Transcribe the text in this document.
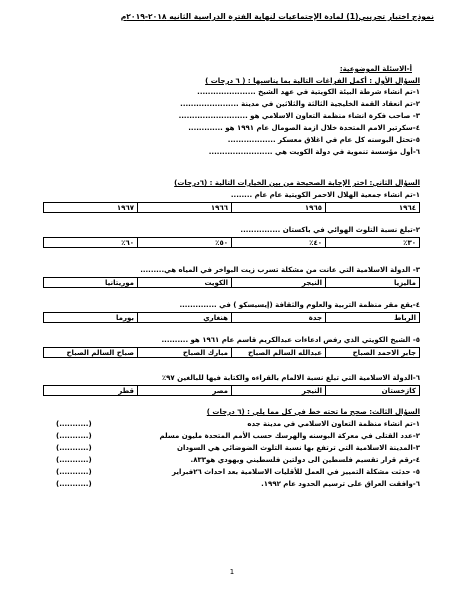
نموذج اختبار تجريبي(1) لمادة الإجتماعيات لنهاية الفترة الدراسية الثانيه ٢٠١٨-٢٠١٩م
أ-الاسئلة الموضوعية:
السؤال الأول : أكمل الفراغات التالية بما يناسبها : ( ٦ درجات )
١-تم انشاء شرطة البيئة الكويتية في عهد الشيخ ......................
٢-تم انعقاد القمة الخليجية الثالثة والثلاثين في مدينة ......................
٣- صاحب فكرة انشاء منظمة التعاون الاسلامي هو ..........................
٤-سكرتير الامم المتحدة خلال ازمة الصومال عام ١٩٩١ هو .............
٥-تحتل البوسنه كل عام في اغلاق معسكر ..................
٦-أول مؤسسة تنموية في دولة الكويت هي ........................
السؤال الثاني: اختر الإجابة الصحيحة من بين الخيارات التالية : (٦درجات)
١-تم انشاء جمعية الهلال الاحمر الكويتية عام عام ........
١٩٦٤	١٩٦٥	١٩٦٦	١٩٦٧
٢-تبلغ نسبة التلوث الهوائي في باكستان ...............
٣٠٪	٤٠٪	٥٠٪	٦٠٪
٣- الدولة الاسلامية التي عانت من مشكلة تسرب زيت البواخر في المياه هي.........
ماليزيا	النيجر	الكويت	موريتانيا
٤-يقع مقر منظمة التربية والعلوم والثقافة (إيسيسكو ) في ..............
الرباط	جدة	هنغاري	بورما
٥- الشيخ الكويتي الذي رفض ادعاءات عبدالكريم قاسم عام ١٩٦١ هو ..........
جابر الاحمد الصباح	عبدالله السالم الصباح	مبارك الصباح	صباح السالم الصباح
٦-الدولة الاسلامية التي تبلغ نسبة الالمام بالقراءه والكتابة فيها للبالغين ٩٧٪
كازخستان	النيجر	مصر	قطر
السؤال الثالث: صحح ما تحته خط في كل مما يلي : (٦ درجات )
١-تم انشاء منظمة التعاون الاسلامي في مدينة جده
(...........)
٢-عدد القتلى في معركة البوسنه والهرسك حسب الأمم المتحدة مليون مسلم
(...........)
٣-المدينة الاسلامية التي ترتفع بها نسبة التلوث الضوضائي هي السودان
(...........)
٤-رقم قرار تقسيم فلسطين الى دولتين فلسطيني ويهودي هو٨٣٣.
(...........)
٥- حدثت مشكلة التمييز في العمل للأقليات الاسلامية بعد احداث ٢٦فبراير
(...........)
٦-وافقت العراق على ترسيم الحدود عام ١٩٩٢.
(...........)
1
